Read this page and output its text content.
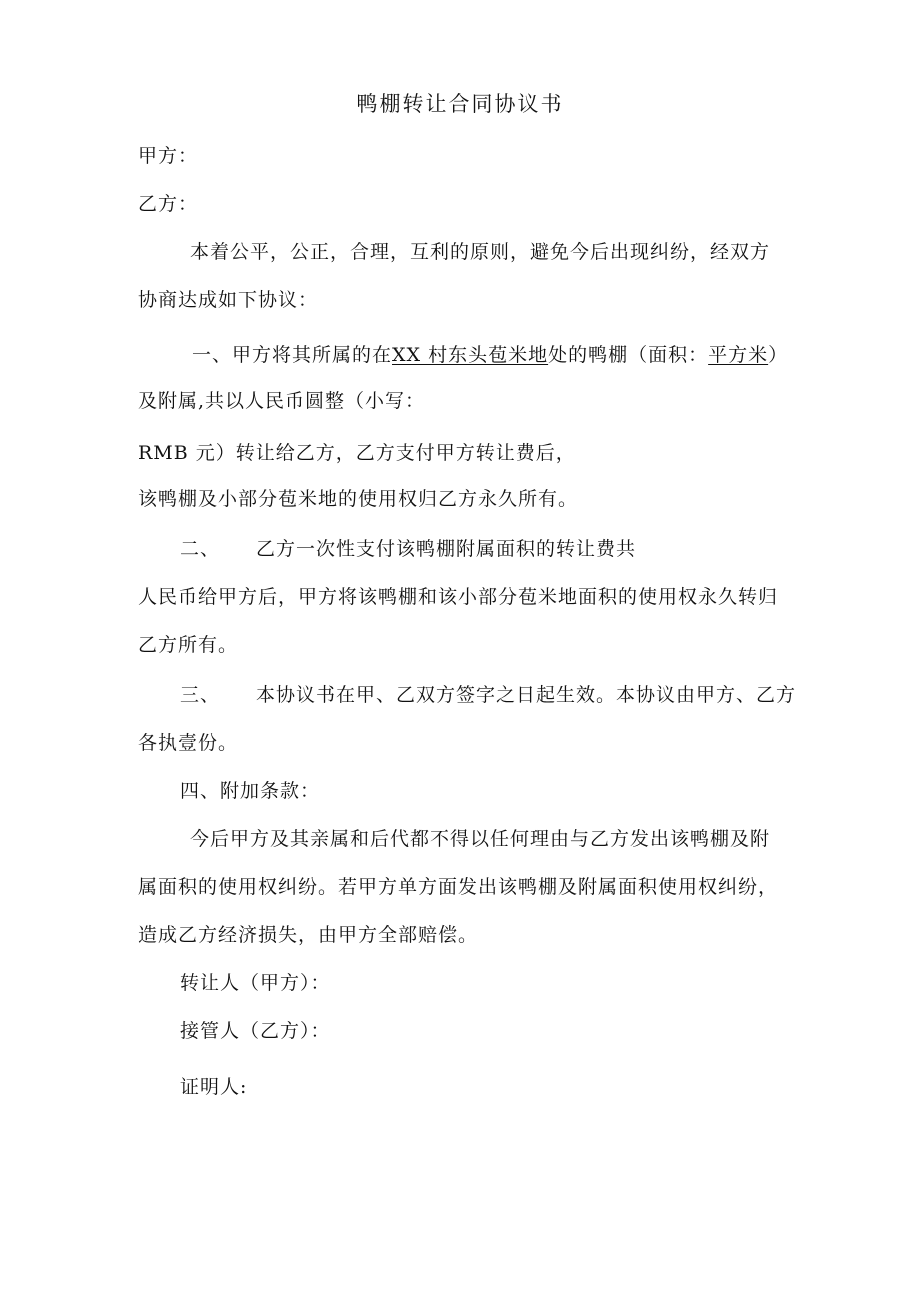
鸭棚转让合同协议书
甲方：
乙方：
本着公平，公正，合理，互利的原则，避免今后出现纠纷，经双方
协商达成如下协议：
一、甲方将其所属的在XX 村东头苞米地处的鸭棚（面积：平方米）
及附属,共以人民币圆整（小写：
RMB 元）转让给乙方，乙方支付甲方转让费后，
该鸭棚及小部分苞米地的使用权归乙方永久所有。
二、 乙方一次性支付该鸭棚附属面积的转让费共
人民币给甲方后，甲方将该鸭棚和该小部分苞米地面积的使用权永久转归
乙方所有。
三、 本协议书在甲、乙双方签字之日起生效。本协议由甲方、乙方
各执壹份。
四、附加条款：
今后甲方及其亲属和后代都不得以任何理由与乙方发出该鸭棚及附
属面积的使用权纠纷。若甲方单方面发出该鸭棚及附属面积使用权纠纷，
造成乙方经济损失，由甲方全部赔偿。
转让人（甲方）：
接管人（乙方）：
证明人:
